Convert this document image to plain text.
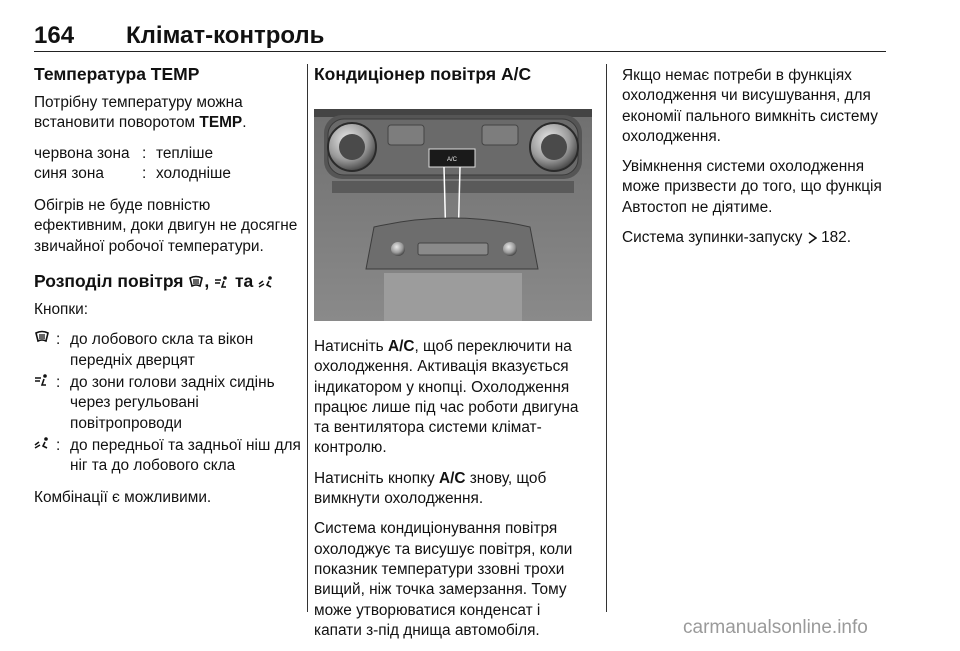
164 Клімат-контроль
Температура TEMP

Потрібну температуру можна встановити поворотом TEMP.

червона зона : тепліше
синя зона	: холодніше

Обігрів не буде повністю ефективним, доки двигун не досягне звичайної робочої температури.

Розподіл повітря ,  та

Кнопки:

: до лобового скла та вікон передніх дверцят
: до зони голови задніх сидінь через регульовані повітропроводи
: до передньої та задньої ніш для ніг та до лобового скла

Комбінації є можливими.

Кондиціонер повітря A/C
A/C

Натисніть A/C, щоб переключити на охолодження. Активація вказується індикатором у кнопці. Охолодження працює лише під час роботи двигуна та вентилятора системи клімат-контролю.

Натисніть кнопку A/C знову, щоб вимкнути охолодження.

Система кондиціонування повітря охолоджує та висушує повітря, коли показник температури ззовні трохи вищий, ніж точка замерзання. Тому може утворюватися конденсат і капати з-під днища автомобіля.

Якщо немає потреби в функціях охолодження чи висушування, для економії пального вимкніть систему охолодження.

Увімкнення системи охолодження може призвести до того, що функція Автостоп не діятиме.

Система зупинки-запуску  182.

carmanualsonline.info
